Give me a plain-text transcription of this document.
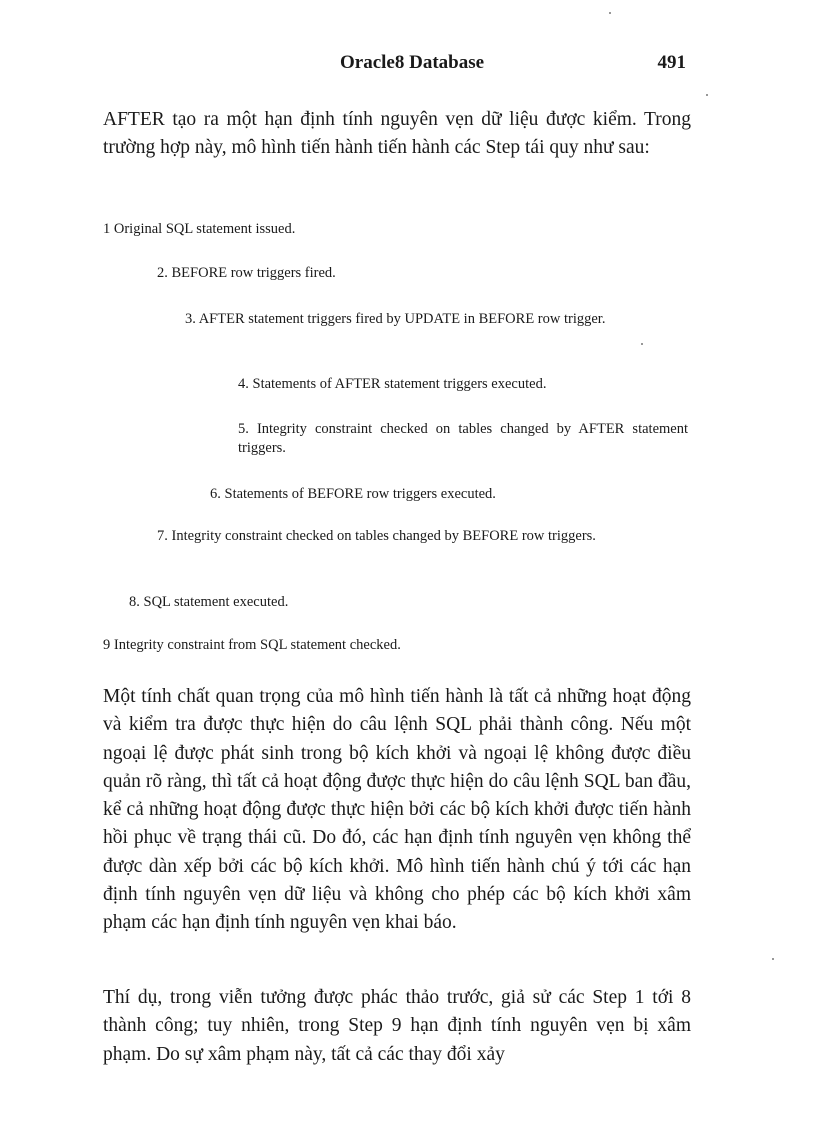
Oracle8 Database	491

AFTER tạo ra một hạn định tính nguyên vẹn dữ liệu được kiểm. Trong trường hợp này, mô hình tiến hành tiến hành các Step tái quy như sau:

1 Original SQL statement issued.

2. BEFORE row triggers fired.

3. AFTER statement triggers fired by UPDATE in BEFORE row trigger.

4. Statements of AFTER statement triggers executed.

5. Integrity constraint checked on tables changed by AFTER statement triggers.

6. Statements of BEFORE row triggers executed.

7. Integrity constraint checked on tables changed by BEFORE row triggers.

8. SQL statement executed.

9 Integrity constraint from SQL statement checked.

Một tính chất quan trọng của mô hình tiến hành là tất cả những hoạt động và kiểm tra được thực hiện do câu lệnh SQL phải thành công. Nếu một ngoại lệ được phát sinh trong bộ kích khởi và ngoại lệ không được điều quản rõ ràng, thì tất cả hoạt động được thực hiện do câu lệnh SQL ban đầu, kể cả những hoạt động được thực hiện bởi các bộ kích khởi được tiến hành hồi phục về trạng thái cũ. Do đó, các hạn định tính nguyên vẹn không thể được dàn xếp bởi các bộ kích khởi. Mô hình tiến hành chú ý tới các hạn định tính nguyên vẹn dữ liệu và không cho phép các bộ kích khởi xâm phạm các hạn định tính nguyên vẹn khai báo.

Thí dụ, trong viễn tưởng được phác thảo trước, giả sử các Step 1 tới 8 thành công; tuy nhiên, trong Step 9 hạn định tính nguyên vẹn bị xâm phạm. Do sự xâm phạm này, tất cả các thay đổi xảy
